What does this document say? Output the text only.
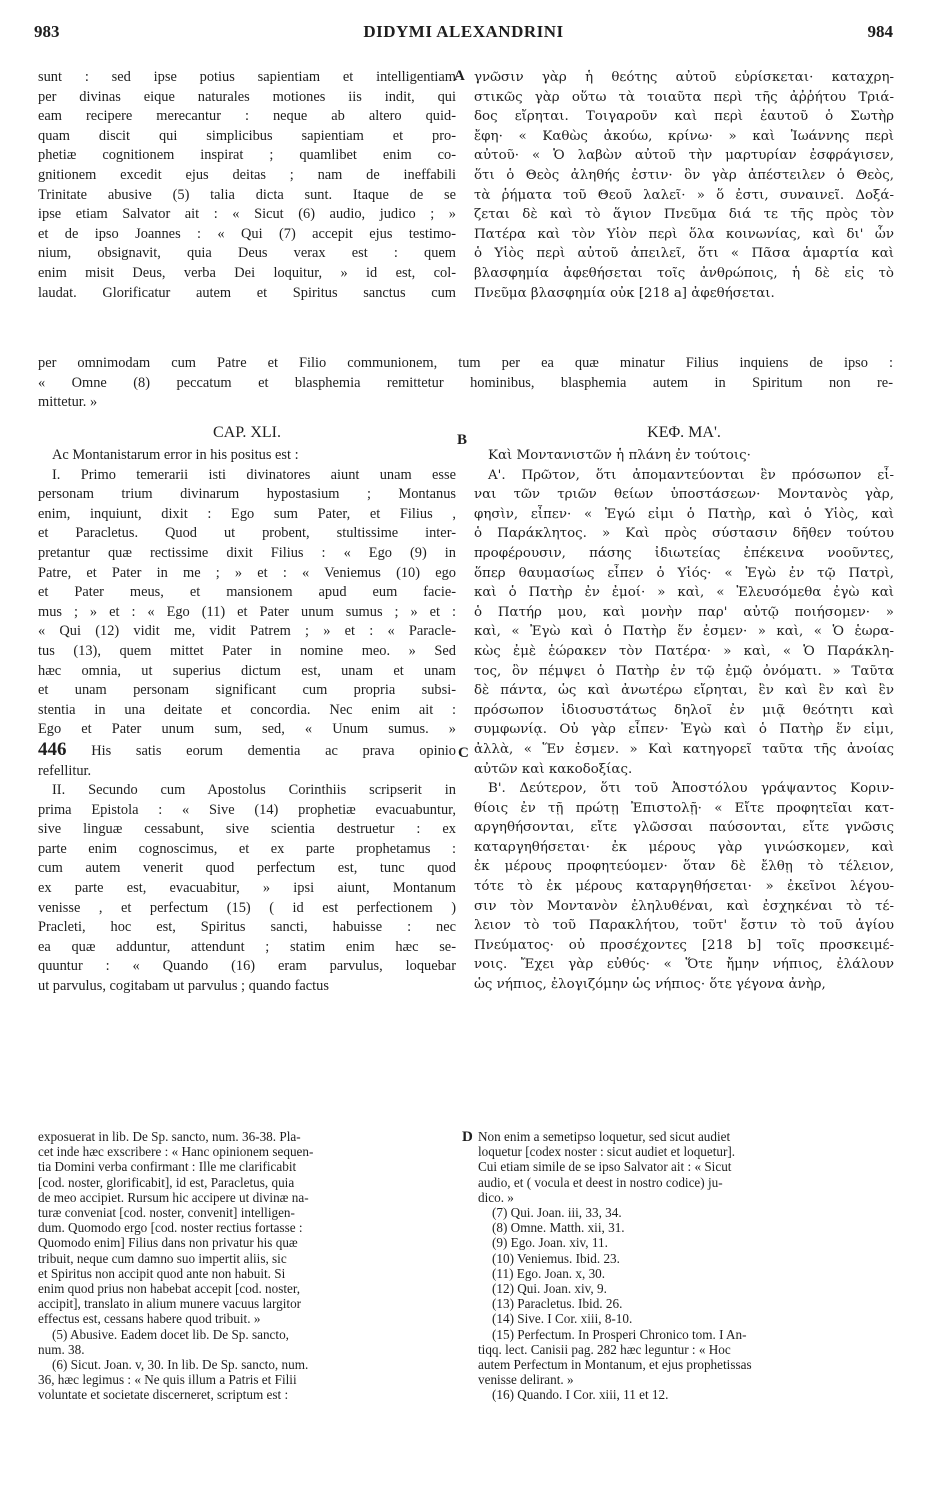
983	DIDYMI ALEXANDRINI	984
sunt : sed ipse potius sapientiam et intelligentiam
per divinas eique naturales motiones iis indit, qui
eam recipere merecantur : neque ab altero quid-
quam discit qui simplicibus sapientiam et pro-
phetiæ cognitionem inspirat ; quamlibet enim co-
gnitionem excedit ejus deitas ; nam de ineffabili
Trinitate abusive (5) talia dicta sunt. Itaque de se
ipse etiam Salvator ait : « Sicut (6) audio, judico ; »
et de ipso Joannes : « Qui (7) accepit ejus testimo-
nium, obsignavit, quia Deus verax est : quem
enim misit Deus, verba Dei loquitur, » id est, col-
laudat. Glorificatur autem et Spiritus sanctus cum
A γνῶσιν γὰρ ἡ θεότης αὐτοῦ εὑρίσκεται· καταχρη-
στικῶς γὰρ οὕτω τὰ τοιαῦτα περὶ τῆς ἀῤῥήτου Τριά-
δος εἴρηται. Τοιγαροῦν καὶ περὶ ἑαυτοῦ ὁ Σωτὴρ
ἔφη· « Καθὼς ἀκούω, κρίνω· » καὶ Ἰωάννης περὶ
αὐτοῦ· « Ὁ λαβὼν αὐτοῦ τὴν μαρτυρίαν ἐσφράγισεν,
ὅτι ὁ Θεὸς ἀληθής ἐστιν· ὃν γὰρ ἀπέστειλεν ὁ Θεὸς,
τὰ ῥήματα τοῦ Θεοῦ λαλεῖ· » ὅ ἐστι, συναινεῖ. Δοξά-
ζεται δὲ καὶ τὸ ἅγιον Πνεῦμα διά τε τῆς πρὸς τὸν
Πατέρα καὶ τὸν Υἱὸν περὶ ὅλα κοινωνίας, καὶ δι' ὧν
ὁ Υἱὸς περὶ αὐτοῦ ἀπειλεῖ, ὅτι « Πᾶσα ἁμαρτία καὶ
βλασφημία ἀφεθήσεται τοῖς ἀνθρώποις, ἡ δὲ εἰς τὸ
Πνεῦμα βλασφημία οὐκ [218 a] ἀφεθήσεται.
per omnimodam cum Patre et Filio communionem, tum per ea quæ minatur Filius inquiens de ipso :
« Omne (8) peccatum et blasphemia remittetur hominibus, blasphemia autem in Spiritum non re-
mittetur. »
CAP. XLI.	B	ΚΕΦ. ΜΑ'.
Ac Montanistarum error in his positus est :
I. Primo temerarii isti divinatores aiunt unam esse
personam trium divinarum hypostasium ; Montanus
enim, inquiunt, dixit : Ego sum Pater, et Filius ,
et Paracletus. Quod ut probent, stultissime inter-
pretantur quæ rectissime dixit Filius : « Ego (9) in
Patre, et Pater in me ; » et : « Veniemus (10) ego
et Pater meus, et mansionem apud eum facie-
mus ; » et : « Ego (11) et Pater unum sumus ; » et :
« Qui (12) vidit me, vidit Patrem ; » et : « Paracle-
tus (13), quem mittet Pater in nomine meo. » Sed
hæc omnia, ut superius dictum est, unam et unam
et unam personam significant cum propria subsi-
stentia in una deitate et concordia. Nec enim ait :
Ego et Pater unum sum, sed, « Unum sumus. »
446 His satis eorum dementia ac prava opinio
refellitur.
II. Secundo cum Apostolus Corinthiis scripserit in
prima Epistola : « Sive (14) prophetiæ evacuabuntur,
sive linguæ cessabunt, sive scientia destruetur : ex
parte enim cognoscimus, et ex parte prophetamus :
cum autem venerit quod perfectum est, tunc quod
ex parte est, evacuabitur, » ipsi aiunt, Montanum
venisse , et perfectum (15) ( id est perfectionem )
Pracleti, hoc est, Spiritus sancti, habuisse : nec
ea quæ adduntur, attendunt ; statim enim hæc se-
quuntur : « Quando (16) eram parvulus, loquebar
ut parvulus, cogitabam ut parvulus ; quando factus
C
Καὶ Μοντανιστῶν ἡ πλάνη ἐν τούτοις·
Α'. Πρῶτον, ὅτι ἀπομαντεύονται ἓν πρόσωπον εἶ-
ναι τῶν τριῶν θείων ὑποστάσεων· Μοντανὸς γὰρ,
φησὶν, εἶπεν· « Ἐγώ εἰμι ὁ Πατὴρ, καὶ ὁ Υἱὸς, καὶ
ὁ Παράκλητος. » Καὶ πρὸς σύστασιν δῆθεν τούτου
προφέρουσιν, πάσης ἰδιωτείας ἐπέκεινα νοοῦντες,
ὅπερ θαυμασίως εἶπεν ὁ Υἱός· « Ἐγὼ ἐν τῷ Πατρὶ,
καὶ ὁ Πατὴρ ἐν ἐμοί· » καὶ, « Ἐλευσόμεθα ἐγὼ καὶ
ὁ Πατήρ μου, καὶ μονὴν παρ' αὐτῷ ποιήσομεν· »
καὶ, « Ἐγὼ καὶ ὁ Πατὴρ ἕν ἐσμεν· » καὶ, « Ὁ ἑωρα-
κὼς ἐμὲ ἑώρακεν τὸν Πατέρα· » καὶ, « Ὁ Παράκλη-
τος, ὃν πέμψει ὁ Πατὴρ ἐν τῷ ἐμῷ ὀνόματι. » Ταῦτα
δὲ πάντα, ὡς καὶ ἀνωτέρω εἴρηται, ἓν καὶ ἓν καὶ ἓν
πρόσωπον ἰδιοσυστάτως δηλοῖ ἐν μιᾷ θεότητι καὶ
συμφωνίᾳ. Οὐ γὰρ εἶπεν· Ἐγὼ καὶ ὁ Πατὴρ ἕν εἰμι,
ἀλλὰ, « Ἕν ἐσμεν. » Καὶ κατηγορεῖ ταῦτα τῆς ἀνοίας
αὐτῶν καὶ κακοδοξίας.
Β'. Δεύτερον, ὅτι τοῦ Ἀποστόλου γράψαντος Κοριν-
θίοις ἐν τῇ πρώτῃ Ἐπιστολῇ· « Εἴτε προφητεῖαι κατ-
αργηθήσονται, εἴτε γλῶσσαι παύσονται, εἴτε γνῶσις
καταργηθήσεται· ἐκ μέρους γὰρ γινώσκομεν, καὶ
ἐκ μέρους προφητεύομεν· ὅταν δὲ ἔλθῃ τὸ τέλειον,
τότε τὸ ἐκ μέρους καταργηθήσεται· » ἐκεῖνοι λέγου-
σιν τὸν Μοντανὸν ἐληλυθέναι, καὶ ἐσχηκέναι τὸ τέ-
λειον τὸ τοῦ Παρακλήτου, τοῦτ' ἔστιν τὸ τοῦ ἁγίου
Πνεύματος· οὐ προσέχοντες [218 b] τοῖς προσκειμέ-
νοις. Ἔχει γὰρ εὐθύς· « Ὅτε ἤμην νήπιος, ἐλάλουν
ὡς νήπιος, ἐλογιζόμην ὡς νήπιος· ὅτε γέγονα ἀνὴρ,
exposuerat in lib. De Sp. sancto, num. 36-38. Pla-
cet inde hæc exscribere : « Hanc opinionem sequen-
tia Domini verba confirmant : Ille me clarificabit
[cod. noster, glorificabit], id est, Paracletus, quia
de meo accipiet. Rursum hic accipere ut divinæ na-
turæ conveniat [cod. noster, convenit] intelligen-
dum. Quomodo ergo [cod. noster rectius fortasse :
Quomodo enim] Filius dans non privatur his quæ
tribuit, neque cum damno suo impertit aliis, sic
et Spiritus non accipit quod ante non habuit. Si
enim quod prius non habebat accepit [cod. noster,
accipit], translato in alium munere vacuus largitor
effectus est, cessans habere quod tribuit. »
(5) Abusive. Eadem docet lib. De Sp. sancto,
num. 38.
(6) Sicut. Joan. v, 30. In lib. De Sp. sancto, num.
36, hæc legimus : « Ne quis illum a Patris et Filii
voluntate et societate discerneret, scriptum est :
D Non enim a semetipso loquetur, sed sicut audiet
loquetur [codex noster : sicut audiet et loquetur].
Cui etiam simile de se ipso Salvator ait : « Sicut
audio, et ( vocula et deest in nostro codice) ju-
dico. »
(7) Qui. Joan. iii, 33, 34.
(8) Omne. Matth. xii, 31.
(9) Ego. Joan. xiv, 11.
(10) Veniemus. Ibid. 23.
(11) Ego. Joan. x, 30.
(12) Qui. Joan. xiv, 9.
(13) Paracletus. Ibid. 26.
(14) Sive. I Cor. xiii, 8-10.
(15) Perfectum. In Prosperi Chronico tom. I An-
tiqq. lect. Canisii pag. 282 hæc leguntur : « Hoc
autem Perfectum in Montanum, et ejus prophetissas
venisse delirant. »
(16) Quando. I Cor. xiii, 11 et 12.
